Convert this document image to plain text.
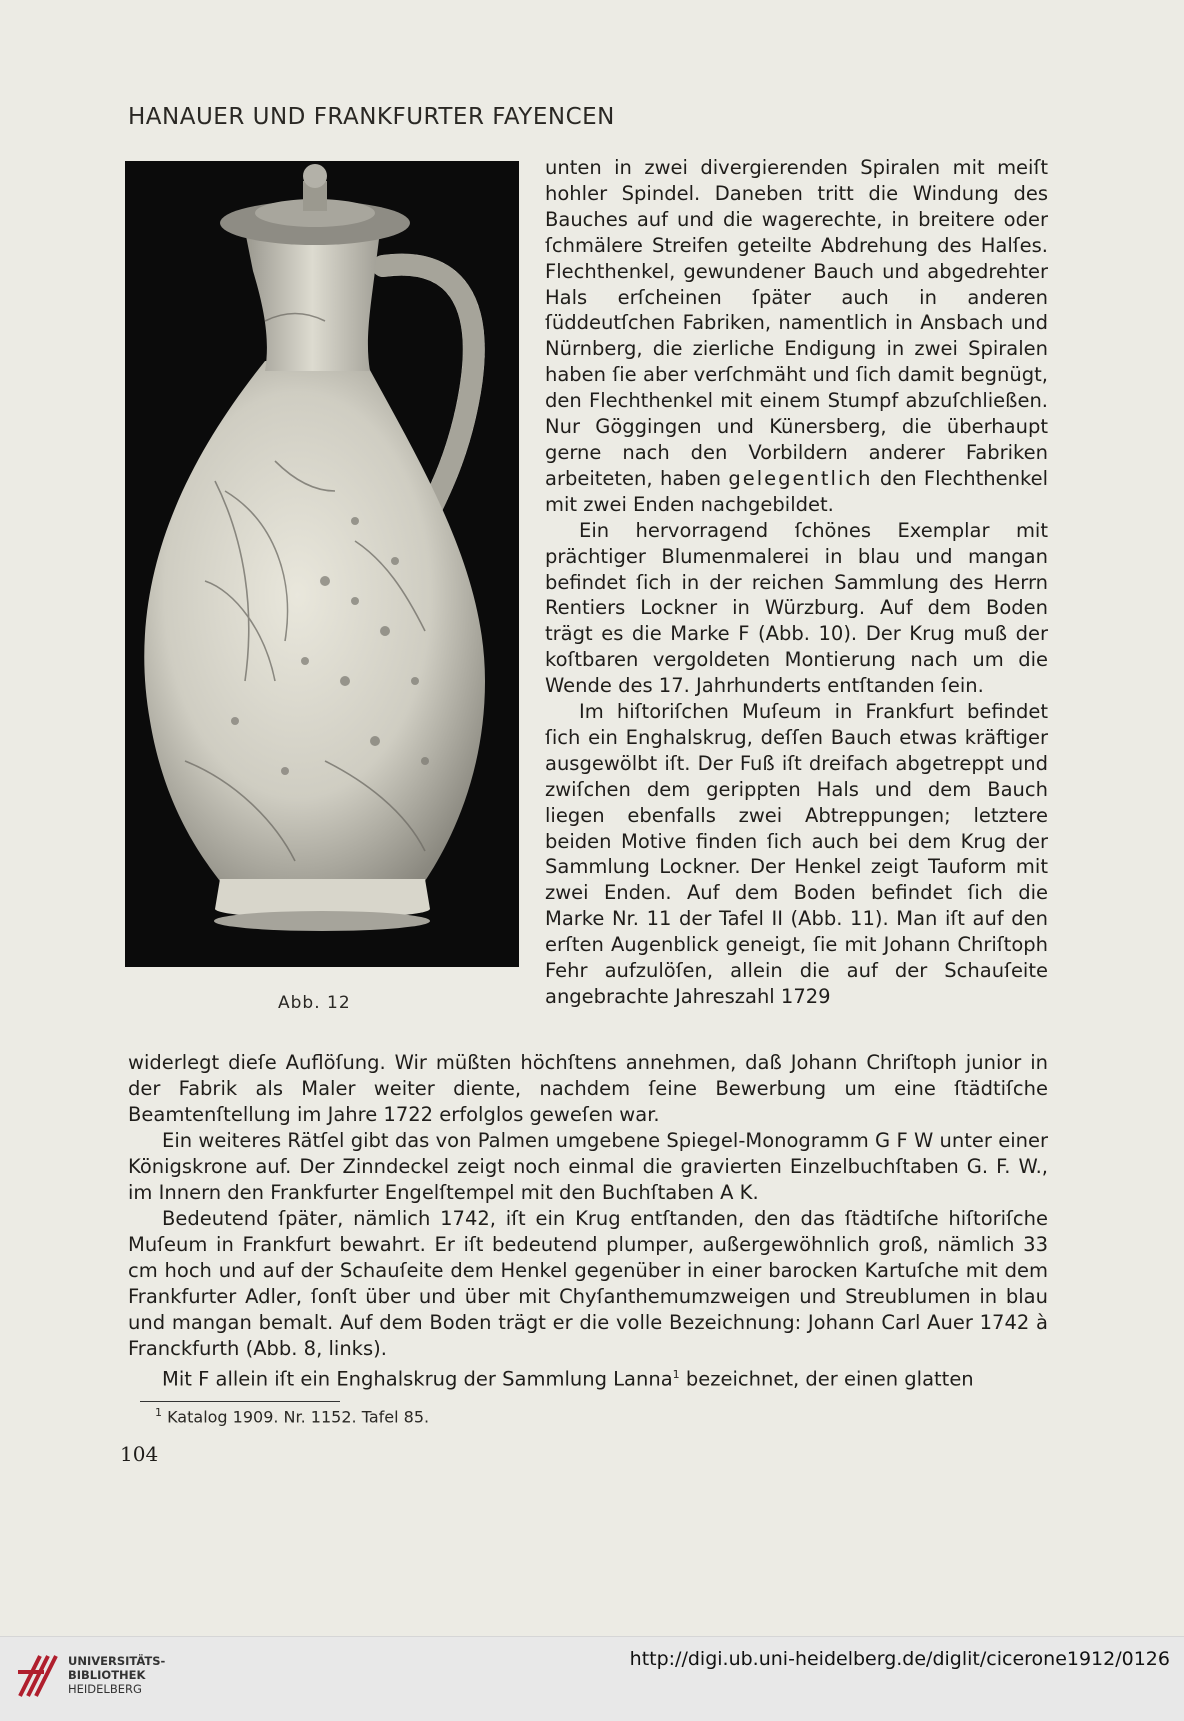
HANAUER UND FRANKFURTER FAYENCEN
Abb. 12

unten in zwei divergierenden Spiralen mit meiſt hohler Spindel. Daneben tritt die Windung des Bauches auf und die wagerechte, in breitere oder ſchmälere Streifen geteilte Abdrehung des Halſes. Flechthenkel, gewundener Bauch und abgedrehter Hals erſcheinen ſpäter auch in anderen ſüddeutſchen Fabriken, namentlich in Ansbach und Nürnberg, die zierliche Endigung in zwei Spiralen haben ſie aber verſchmäht und ſich damit begnügt, den Flechthenkel mit einem Stumpf abzuſchließen. Nur Göggingen und Künersberg, die überhaupt gerne nach den Vorbildern anderer Fabriken arbeiteten, haben gelegentlich den Flechthenkel mit zwei Enden nachgebildet.

Ein hervorragend ſchönes Exemplar mit prächtiger Blumenmalerei in blau und mangan befindet ſich in der reichen Sammlung des Herrn Rentiers Lockner in Würzburg. Auf dem Boden trägt es die Marke F (Abb. 10). Der Krug muß der koſtbaren vergoldeten Montierung nach um die Wende des 17. Jahrhunderts entſtanden ſein.

Im hiſtoriſchen Muſeum in Frankfurt befindet ſich ein Enghalskrug, deſſen Bauch etwas kräftiger ausgewölbt iſt. Der Fuß iſt dreifach abgetreppt und zwiſchen dem gerippten Hals und dem Bauch liegen ebenfalls zwei Abtreppungen; letztere beiden Motive finden ſich auch bei dem Krug der Sammlung Lockner. Der Henkel zeigt Tauform mit zwei Enden. Auf dem Boden befindet ſich die Marke Nr. 11 der Tafel II (Abb. 11). Man iſt auf den erſten Augenblick geneigt, ſie mit Johann Chriſtoph Fehr aufzulöſen, allein die auf der Schauſeite angebrachte Jahreszahl 1729

widerlegt dieſe Auflöſung. Wir müßten höchſtens annehmen, daß Johann Chriſtoph junior in der Fabrik als Maler weiter diente, nachdem ſeine Bewerbung um eine ſtädtiſche Beamtenſtellung im Jahre 1722 erfolglos geweſen war.

Ein weiteres Rätſel gibt das von Palmen umgebene Spiegel-Monogramm G F W unter einer Königskrone auf. Der Zinndeckel zeigt noch einmal die gravierten Einzelbuchſtaben G. F. W., im Innern den Frankfurter Engelſtempel mit den Buchſtaben A K.

Bedeutend ſpäter, nämlich 1742, iſt ein Krug entſtanden, den das ſtädtiſche hiſtoriſche Muſeum in Frankfurt bewahrt. Er iſt bedeutend plumper, außergewöhnlich groß, nämlich 33 cm hoch und auf der Schauſeite dem Henkel gegenüber in einer barocken Kartuſche mit dem Frankfurter Adler, ſonſt über und über mit Chyſanthemumzweigen und Streublumen in blau und mangan bemalt. Auf dem Boden trägt er die volle Bezeichnung: Johann Carl Auer 1742 à Franckfurth (Abb. 8, links).

Mit F allein iſt ein Enghalskrug der Sammlung Lanna$^1$ bezeichnet, der einen glatten

$^1$ Katalog 1909. Nr. 1152. Tafel 85.
104
UNIVERSITÄTS-
BIBLIOTHEK
HEIDELBERG
http://digi.ub.uni-heidelberg.de/diglit/cicerone1912/0126
